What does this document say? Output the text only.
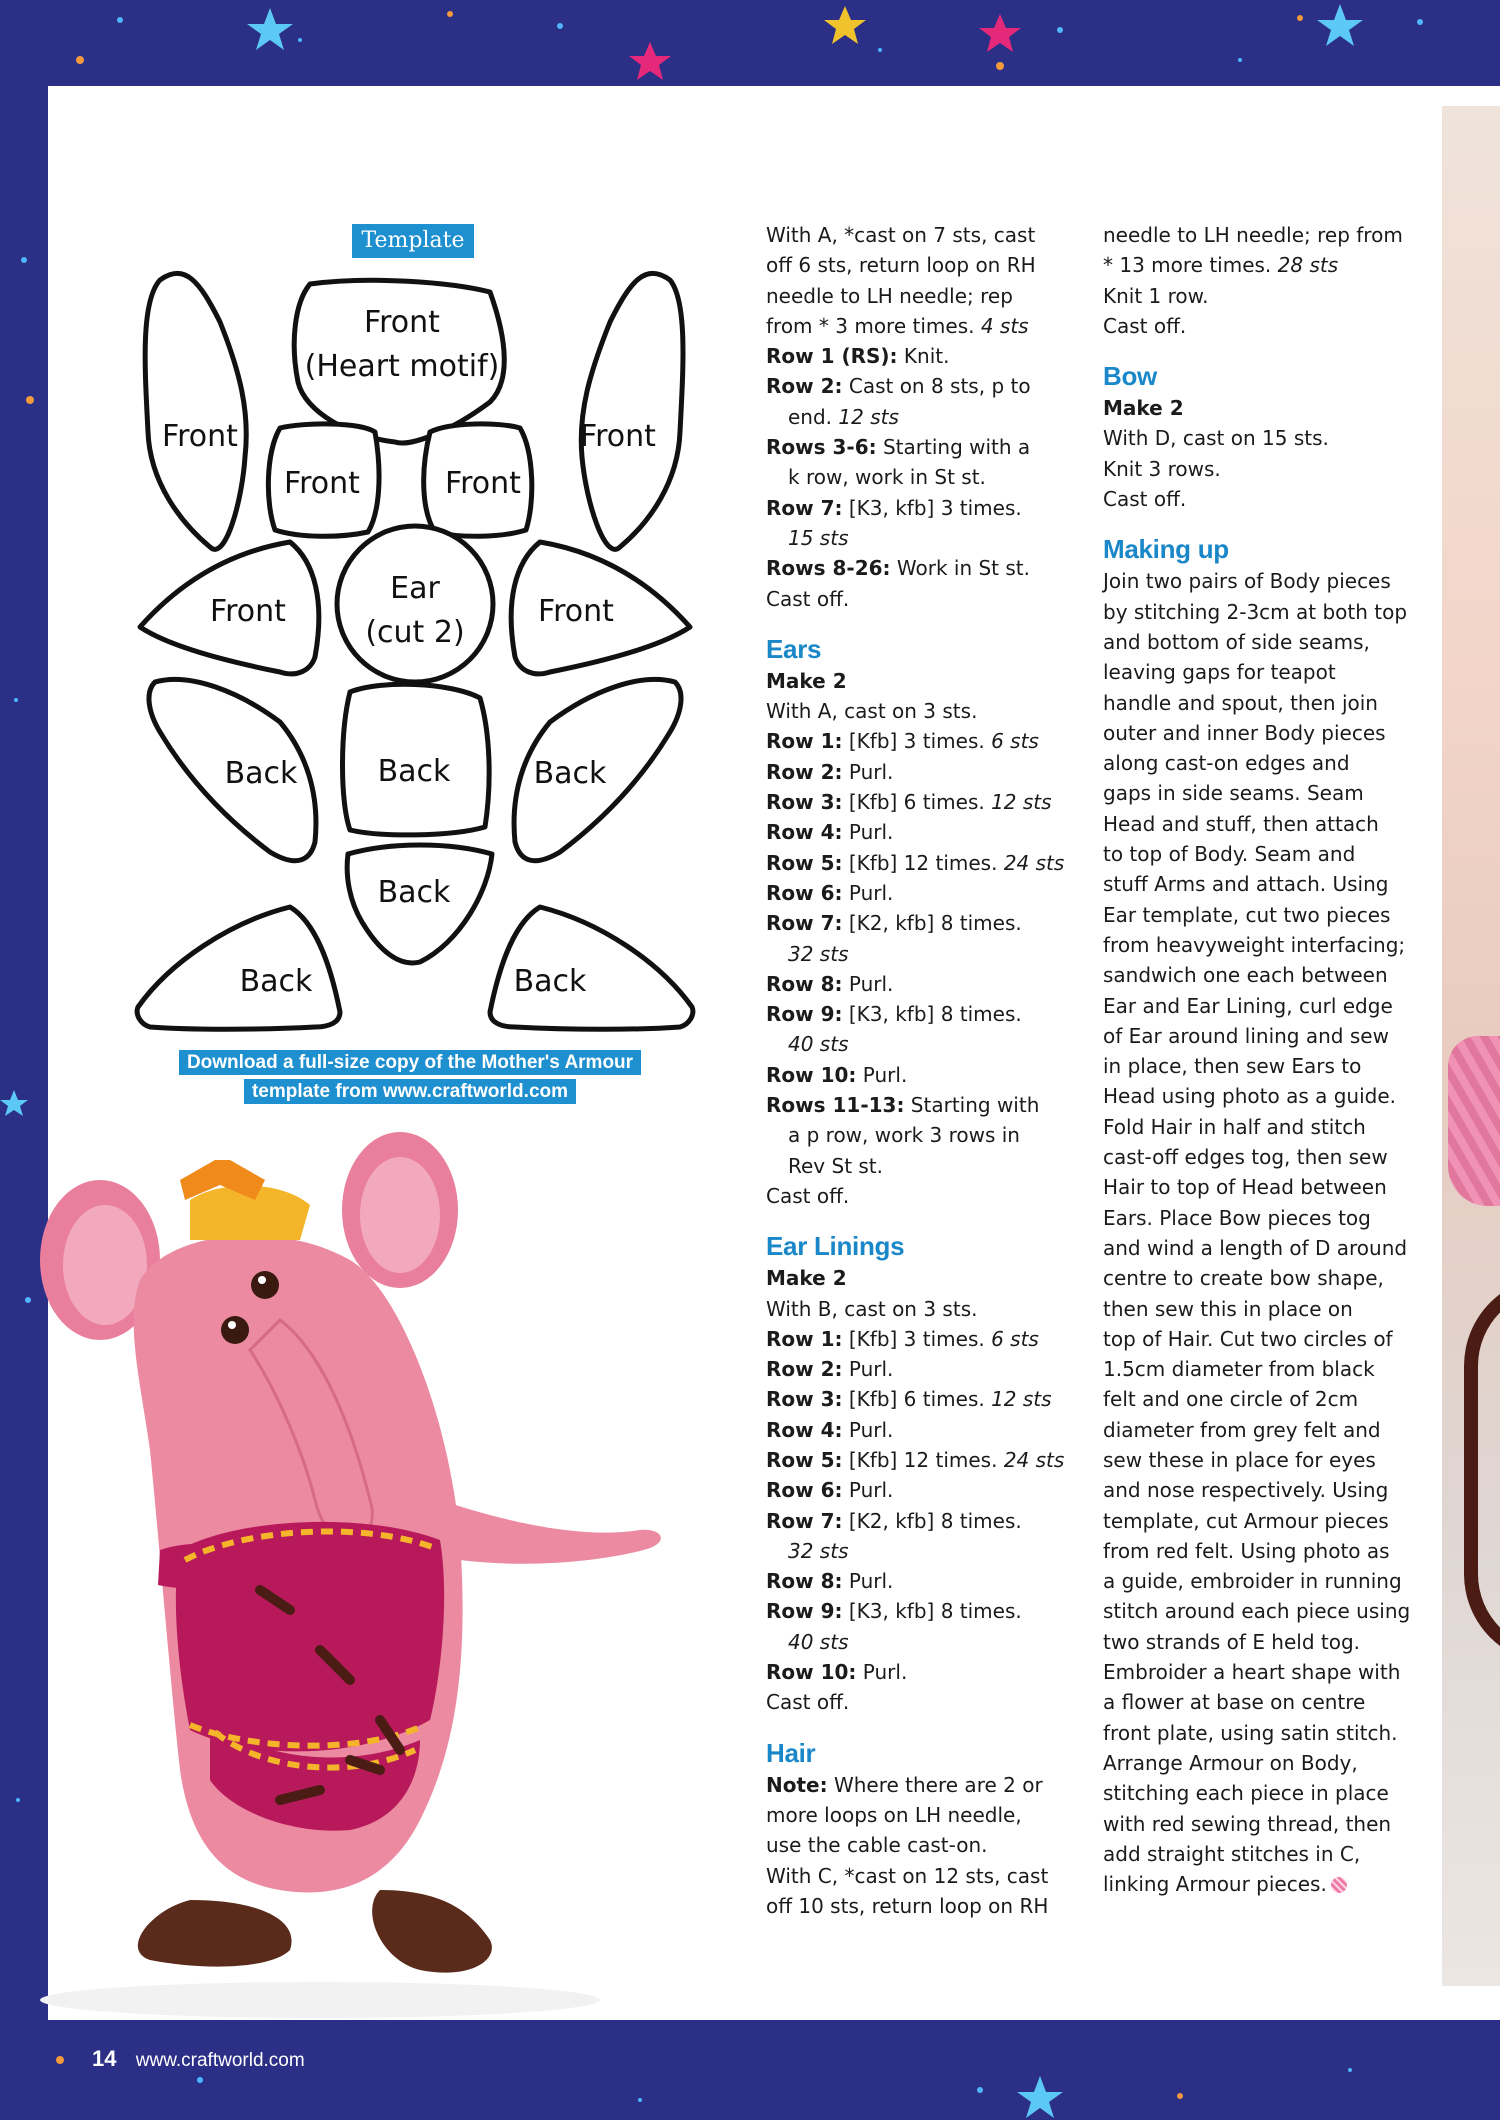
Template
Front
(Heart motif)
Front	Front
Front	Front
Front	Front
Ear
(cut 2)
Back	Back	Back
Back
Back	Back
Download a full-size copy of the Mother's Armour
template from www.craftworld.com

With A, *cast on 7 sts, cast

off 6 sts, return loop on RH

needle to LH needle; rep

from * 3 more times. 4 sts

Row 1 (RS): Knit.

Row 2: Cast on 8 sts, p to

end. 12 sts

Rows 3-6: Starting with a

k row, work in St st.

Row 7: [K3, kfb] 3 times.

15 sts

Rows 8-26: Work in St st.

Cast off.

Ears

Make 2

With A, cast on 3 sts.

Row 1: [Kfb] 3 times. 6 sts

Row 2: Purl.

Row 3: [Kfb] 6 times. 12 sts

Row 4: Purl.

Row 5: [Kfb] 12 times. 24 sts

Row 6: Purl.

Row 7: [K2, kfb] 8 times.

32 sts

Row 8: Purl.

Row 9: [K3, kfb] 8 times.

40 sts

Row 10: Purl.

Rows 11-13: Starting with

a p row, work 3 rows in

Rev St st.

Cast off.

Ear Linings

Make 2

With B, cast on 3 sts.

Row 1: [Kfb] 3 times. 6 sts

Row 2: Purl.

Row 3: [Kfb] 6 times. 12 sts

Row 4: Purl.

Row 5: [Kfb] 12 times. 24 sts

Row 6: Purl.

Row 7: [K2, kfb] 8 times.

32 sts

Row 8: Purl.

Row 9: [K3, kfb] 8 times.

40 sts

Row 10: Purl.

Cast off.

Hair

Note: Where there are 2 or

more loops on LH needle,

use the cable cast-on.

With C, *cast on 12 sts, cast

off 10 sts, return loop on RH

needle to LH needle; rep from

* 13 more times. 28 sts

Knit 1 row.

Cast off.

Bow

Make 2

With D, cast on 15 sts.

Knit 3 rows.

Cast off.

Making up

Join two pairs of Body pieces

by stitching 2-3cm at both top

and bottom of side seams,

leaving gaps for teapot

handle and spout, then join

outer and inner Body pieces

along cast-on edges and

gaps in side seams. Seam

Head and stuff, then attach

to top of Body. Seam and

stuff Arms and attach. Using

Ear template, cut two pieces

from heavyweight interfacing;

sandwich one each between

Ear and Ear Lining, curl edge

of Ear around lining and sew

in place, then sew Ears to

Head using photo as a guide.

Fold Hair in half and stitch

cast-off edges tog, then sew

Hair to top of Head between

Ears. Place Bow pieces tog

and wind a length of D around

centre to create bow shape,

then sew this in place on

top of Hair. Cut two circles of

1.5cm diameter from black

felt and one circle of 2cm

diameter from grey felt and

sew these in place for eyes

and nose respectively. Using

template, cut Armour pieces

from red felt. Using photo as

a guide, embroider in running

stitch around each piece using

two strands of E held tog.

Embroider a heart shape with

a flower at base on centre

front plate, using satin stitch.

Arrange Armour on Body,

stitching each piece in place

with red sewing thread, then

add straight stitches in C,

linking Armour pieces.

14 www.craftworld.com
